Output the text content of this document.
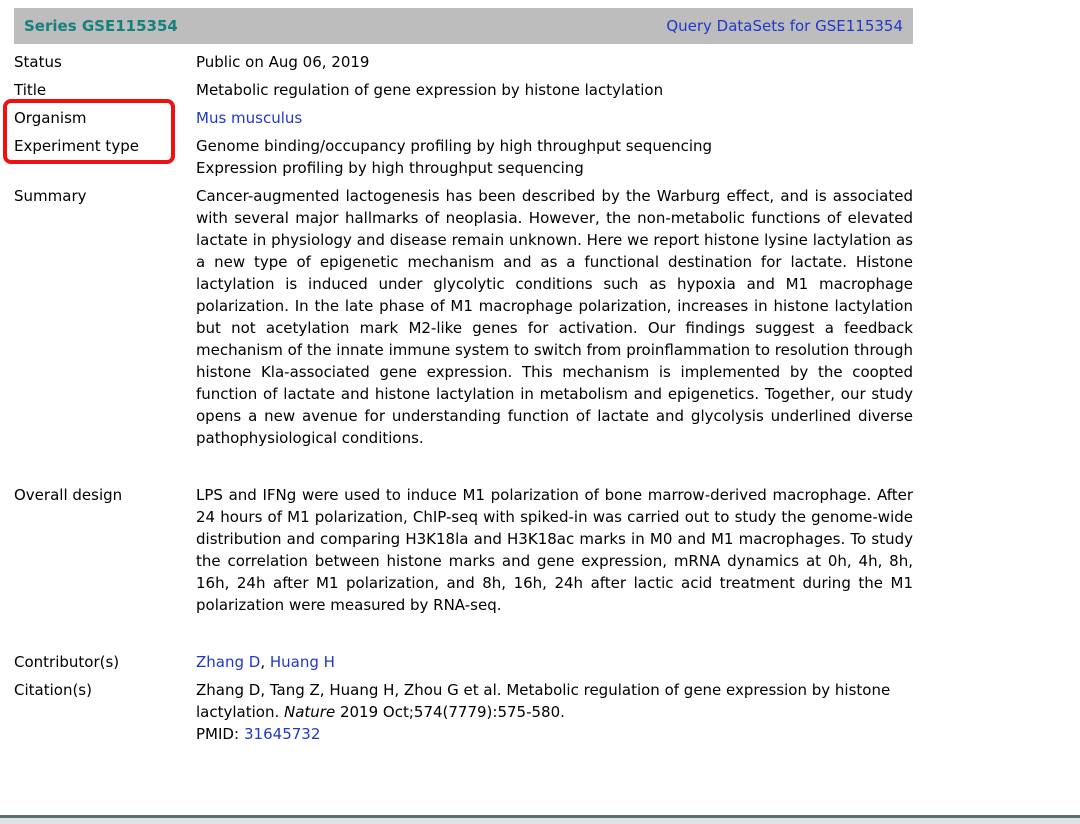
Series GSE115354	Query DataSets for GSE115354
Status	Public on Aug 06, 2019
Title	Metabolic regulation of gene expression by histone lactylation
Organism	Mus musculus
Experiment type	Genome binding/occupancy profiling by high throughput sequencing
Expression profiling by high throughput sequencing
Summary	Cancer-augmented lactogenesis has been described by the Warburg effect, and is associated with several major hallmarks of neoplasia. However, the non-metabolic functions of elevated lactate in physiology and disease remain unknown. Here we report histone lysine lactylation as a new type of epigenetic mechanism and as a functional destination for lactate. Histone lactylation is induced under glycolytic conditions such as hypoxia and M1 macrophage polarization. In the late phase of M1 macrophage polarization, increases in histone lactylation but not acetylation mark M2-like genes for activation. Our findings suggest a feedback mechanism of the innate immune system to switch from proinflammation to resolution through histone Kla-associated gene expression. This mechanism is implemented by the coopted function of lactate and histone lactylation in metabolism and epigenetics. Together, our study opens a new avenue for understanding function of lactate and glycolysis underlined diverse pathophysiological conditions.
Overall design	LPS and IFNg were used to induce M1 polarization of bone marrow-derived macrophage. After 24 hours of M1 polarization, ChIP-seq with spiked-in was carried out to study the genome-wide distribution and comparing H3K18la and H3K18ac marks in M0 and M1 macrophages. To study the correlation between histone marks and gene expression, mRNA dynamics at 0h, 4h, 8h, 16h, 24h after M1 polarization, and 8h, 16h, 24h after lactic acid treatment during the M1 polarization were measured by RNA-seq.
Contributor(s)	Zhang D, Huang H
Citation(s)	Zhang D, Tang Z, Huang H, Zhou G et al. Metabolic regulation of gene expression by histone lactylation. Nature 2019 Oct;574(7779):575-580.
PMID: 31645732
